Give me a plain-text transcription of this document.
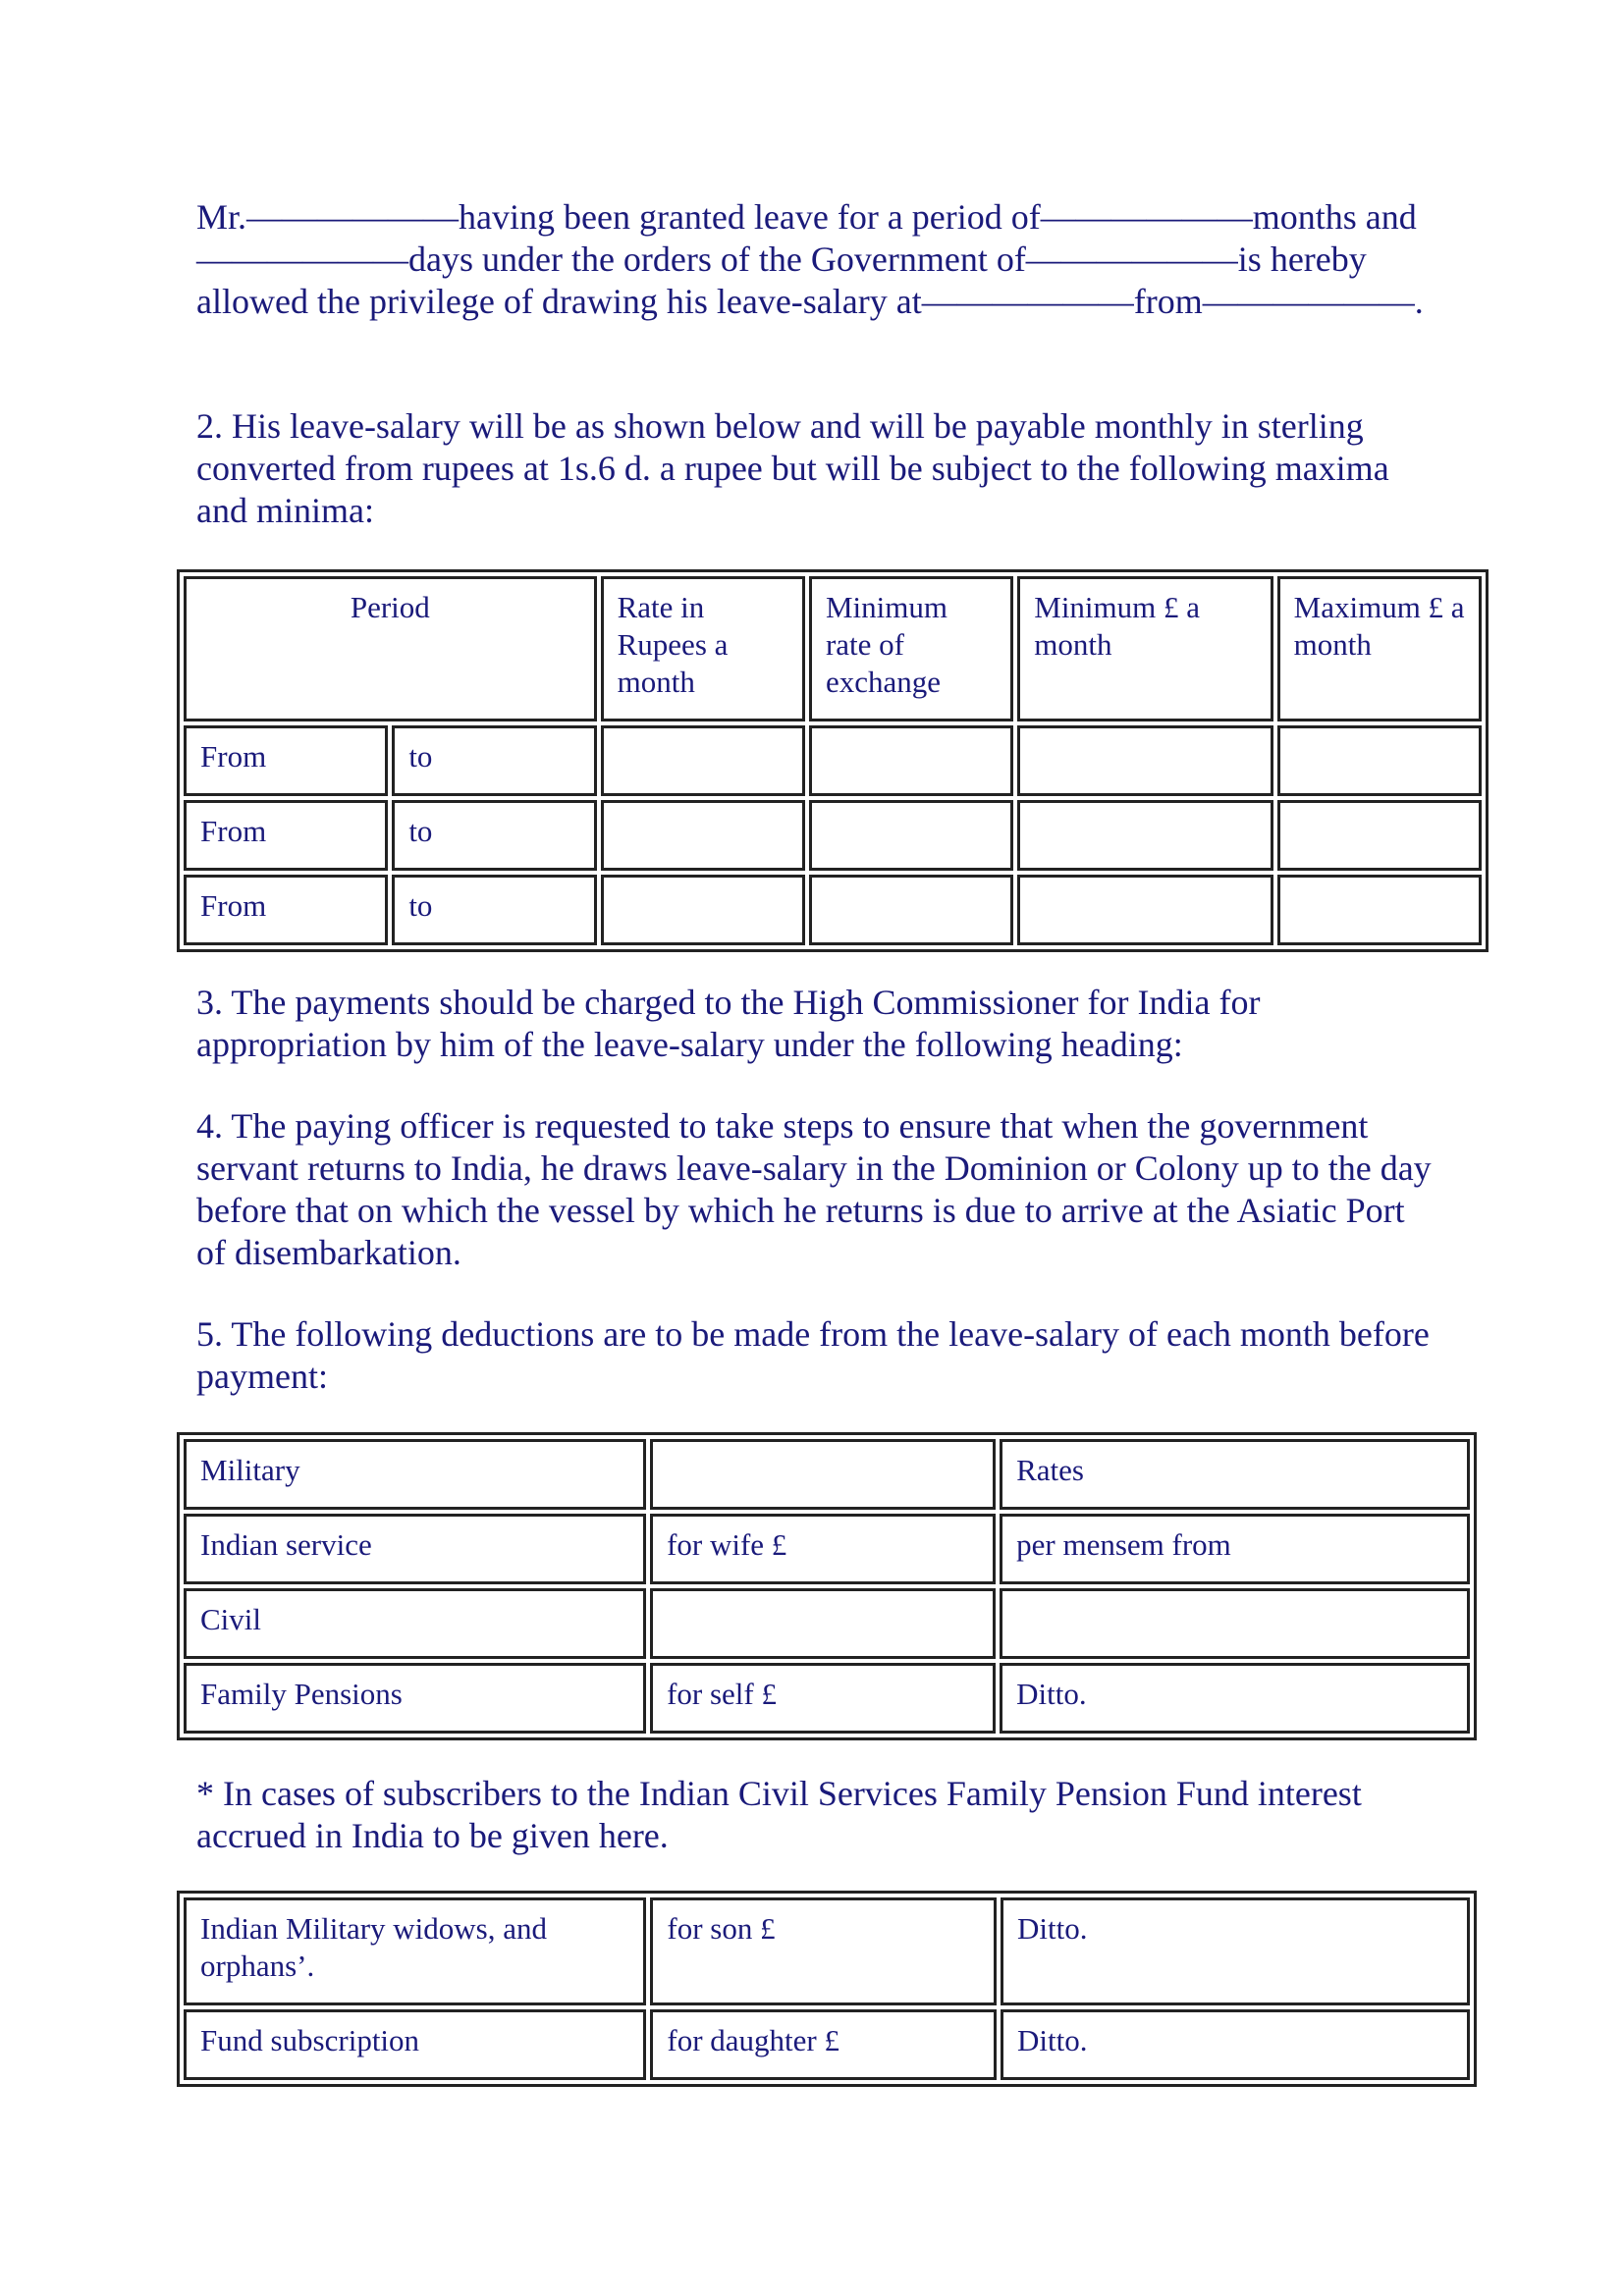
Mr.——————having been granted leave for a period of——————months and——————days under the orders of the Government of——————is hereby allowed the privilege of drawing his leave-salary at——————from——————.

2. His leave-salary will be as shown below and will be payable monthly in sterling converted from rupees at 1s.6 d. a rupee but will be subject to the following maxima and minima:

Period		Rate in Rupees a month	Minimum rate of exchange	Minimum £ a month	Maximum £ a month
From	to				
From	to				
From	to				

3. The payments should be charged to the High Commissioner for India for appropriation by him of the leave-salary under the following heading:

4. The paying officer is requested to take steps to ensure that when the government servant returns to India, he draws leave-salary in the Dominion or Colony up to the day before that on which the vessel by which he returns is due to arrive at the Asiatic Port of disembarkation.

5. The following deductions are to be made from the leave-salary of each month before payment:

Military		Rates
Indian service	for wife £	per mensem from
Civil		
Family Pensions	for self £	Ditto.

* In cases of subscribers to the Indian Civil Services Family Pension Fund interest accrued in India to be given here.

Indian Military widows, and orphans’.	for son £	Ditto.
Fund subscription	for daughter £	Ditto.
